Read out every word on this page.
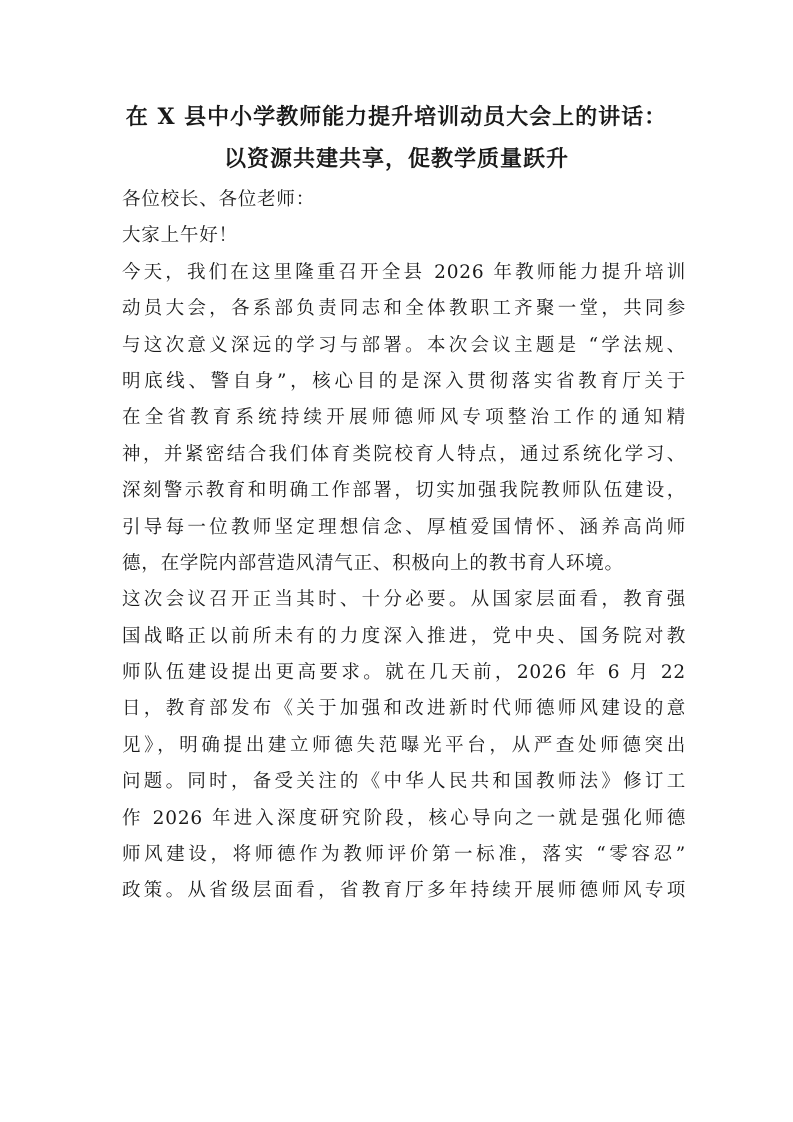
在 X 县中小学教师能力提升培训动员大会上的讲话：
以资源共建共享，促教学质量跃升
各位校长、各位老师：
大家上午好！
今天，我们在这里隆重召开全县 2026 年教师能力提升培训
动员大会，各系部负责同志和全体教职工齐聚一堂，共同参
与这次意义深远的学习与部署。本次会议主题是 “学法规、
明底线、警自身”，核心目的是深入贯彻落实省教育厅关于
在全省教育系统持续开展师德师风专项整治工作的通知精
神，并紧密结合我们体育类院校育人特点，通过系统化学习、
深刻警示教育和明确工作部署，切实加强我院教师队伍建设，
引导每一位教师坚定理想信念、厚植爱国情怀、涵养高尚师
德，在学院内部营造风清气正、积极向上的教书育人环境。
这次会议召开正当其时、十分必要。从国家层面看，教育强
国战略正以前所未有的力度深入推进，党中央、国务院对教
师队伍建设提出更高要求。就在几天前，2026 年 6 月 22
日，教育部发布《关于加强和改进新时代师德师风建设的意
见》，明确提出建立师德失范曝光平台，从严查处师德突出
问题。同时，备受关注的《中华人民共和国教师法》修订工
作 2026 年进入深度研究阶段，核心导向之一就是强化师德
师风建设，将师德作为教师评价第一标准，落实 “零容忍”
政策。从省级层面看，省教育厅多年持续开展师德师风专项
